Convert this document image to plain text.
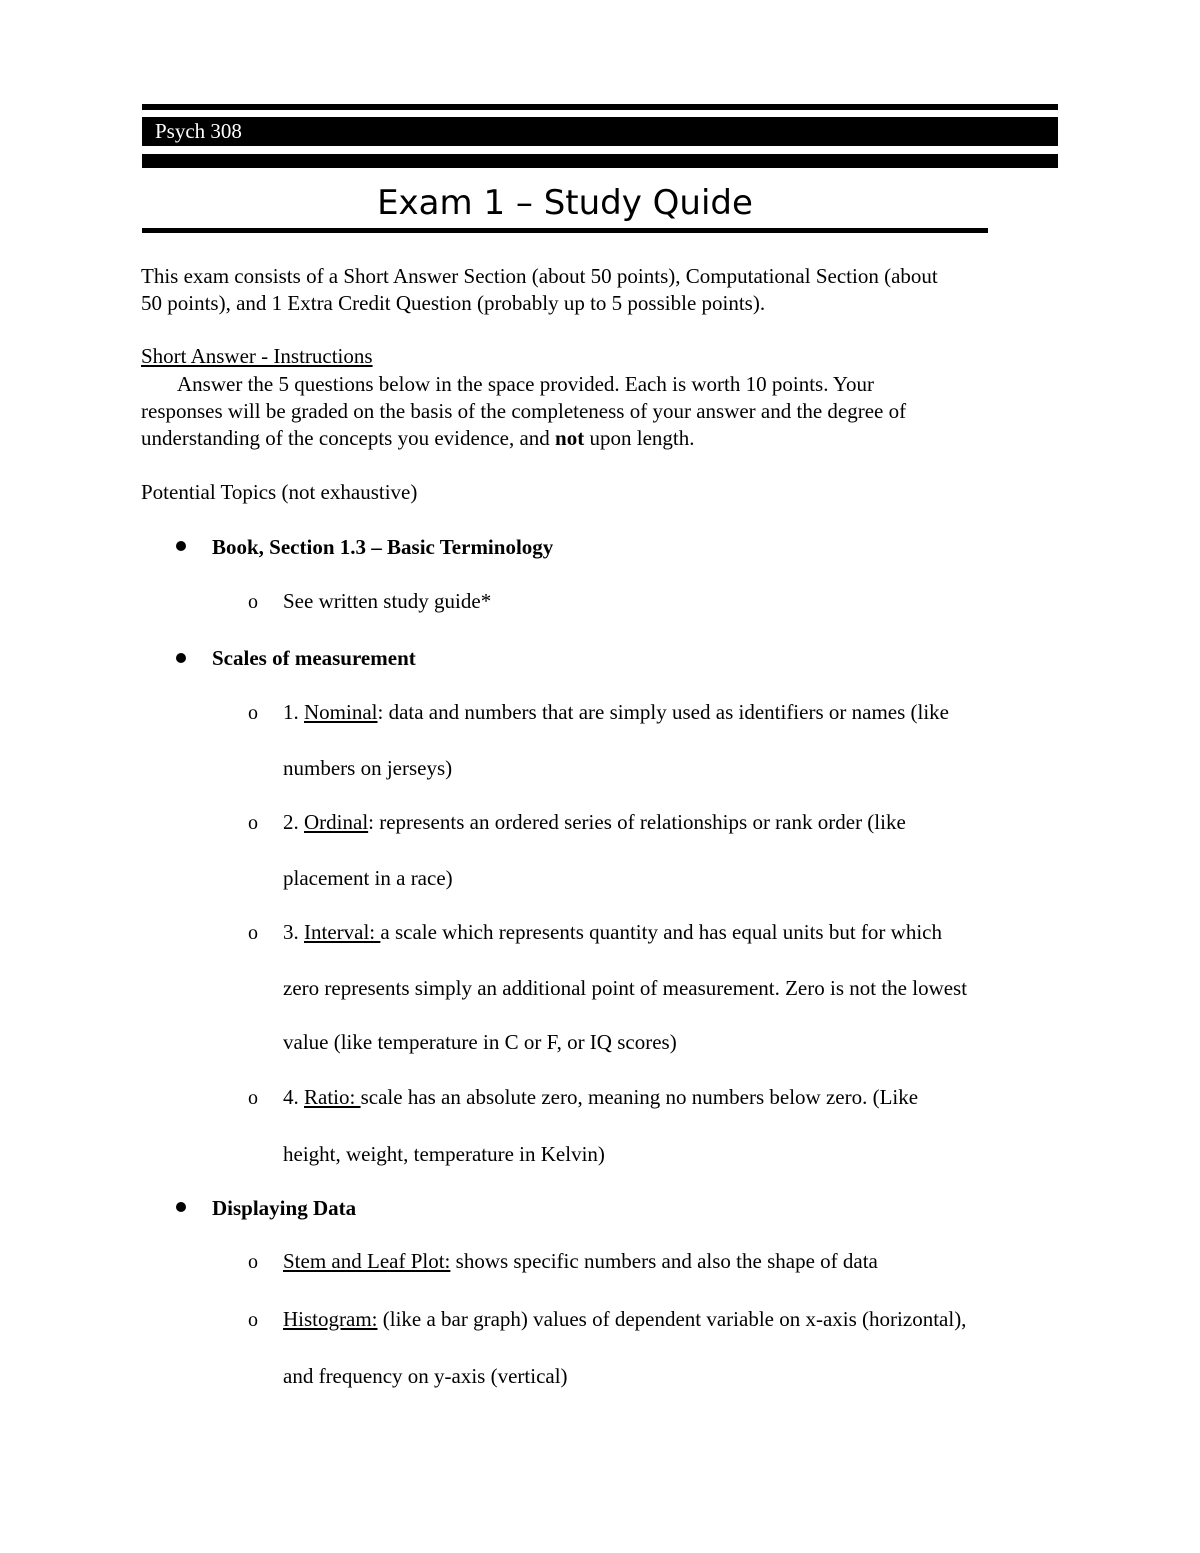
Psych 308
Exam 1 – Study Quide
This exam consists of a Short Answer Section (about 50 points), Computational Section (about
50 points), and 1 Extra Credit Question (probably up to 5 possible points).
Short Answer - Instructions
Answer the 5 questions below in the space provided. Each is worth 10 points. Your
responses will be graded on the basis of the completeness of your answer and the degree of
understanding of the concepts you evidence, and not upon length.
Potential Topics (not exhaustive)
Book, Section 1.3 – Basic Terminology
o See written study guide*
Scales of measurement
o 1. Nominal: data and numbers that are simply used as identifiers or names (like
numbers on jerseys)
o 2. Ordinal: represents an ordered series of relationships or rank order (like
placement in a race)
o 3. Interval: a scale which represents quantity and has equal units but for which
zero represents simply an additional point of measurement. Zero is not the lowest
value (like temperature in C or F, or IQ scores)
o 4. Ratio: scale has an absolute zero, meaning no numbers below zero. (Like
height, weight, temperature in Kelvin)
Displaying Data
o Stem and Leaf Plot: shows specific numbers and also the shape of data
o Histogram: (like a bar graph) values of dependent variable on x-axis (horizontal),
and frequency on y-axis (vertical)
